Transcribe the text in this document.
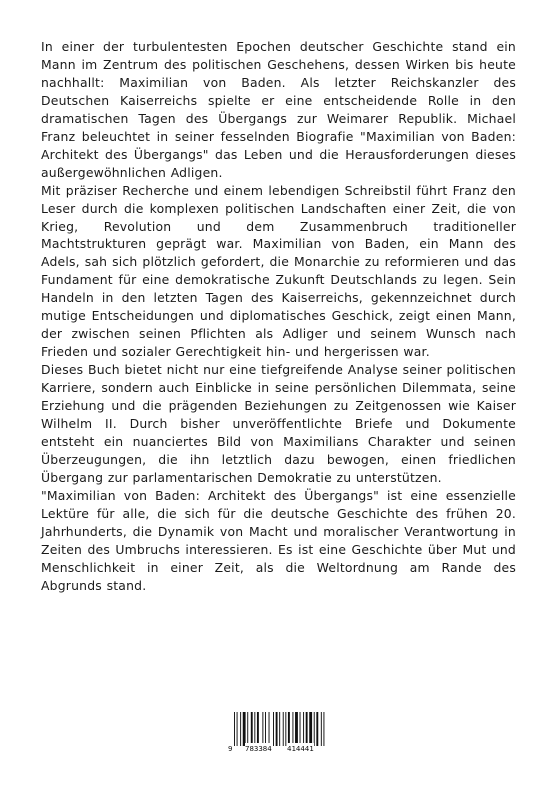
In einer der turbulentesten Epochen deutscher Geschichte stand ein Mann im Zentrum des politischen Geschehens, dessen Wirken bis heute nachhallt: Maximilian von Baden. Als letzter Reichskanzler des Deutschen Kaiserreichs spielte er eine entscheidende Rolle in den dramatischen Tagen des Übergangs zur Weimarer Republik. Michael Franz beleuchtet in seiner fesselnden Biografie "Maximilian von Baden: Architekt des Übergangs" das Leben und die Herausforderungen dieses außergewöhnlichen Adligen.

Mit präziser Recherche und einem lebendigen Schreibstil führt Franz den Leser durch die komplexen politischen Landschaften einer Zeit, die von Krieg, Revolution und dem Zusammenbruch traditioneller Machtstrukturen geprägt war. Maximilian von Baden, ein Mann des Adels, sah sich plötzlich gefordert, die Monarchie zu reformieren und das Fundament für eine demokratische Zukunft Deutschlands zu legen. Sein Handeln in den letzten Tagen des Kaiserreichs, gekennzeichnet durch mutige Entscheidungen und diplomatisches Geschick, zeigt einen Mann, der zwischen seinen Pflichten als Adliger und seinem Wunsch nach Frieden und sozialer Gerechtigkeit hin- und hergerissen war.

Dieses Buch bietet nicht nur eine tiefgreifende Analyse seiner politischen Karriere, sondern auch Einblicke in seine persönlichen Dilemmata, seine Erziehung und die prägenden Beziehungen zu Zeitgenossen wie Kaiser Wilhelm II. Durch bisher unveröffentlichte Briefe und Dokumente entsteht ein nuanciertes Bild von Maximilians Charakter und seinen Überzeugungen, die ihn letztlich dazu bewogen, einen friedlichen Übergang zur parlamentarischen Demokratie zu unterstützen.

"Maximilian von Baden: Architekt des Übergangs" ist eine essenzielle Lektüre für alle, die sich für die deutsche Geschichte des frühen 20. Jahrhunderts, die Dynamik von Macht und moralischer Verantwortung in Zeiten des Umbruchs interessieren. Es ist eine Geschichte über Mut und Menschlichkeit in einer Zeit, als die Weltordnung am Rande des Abgrunds stand.

9 783384 414441
